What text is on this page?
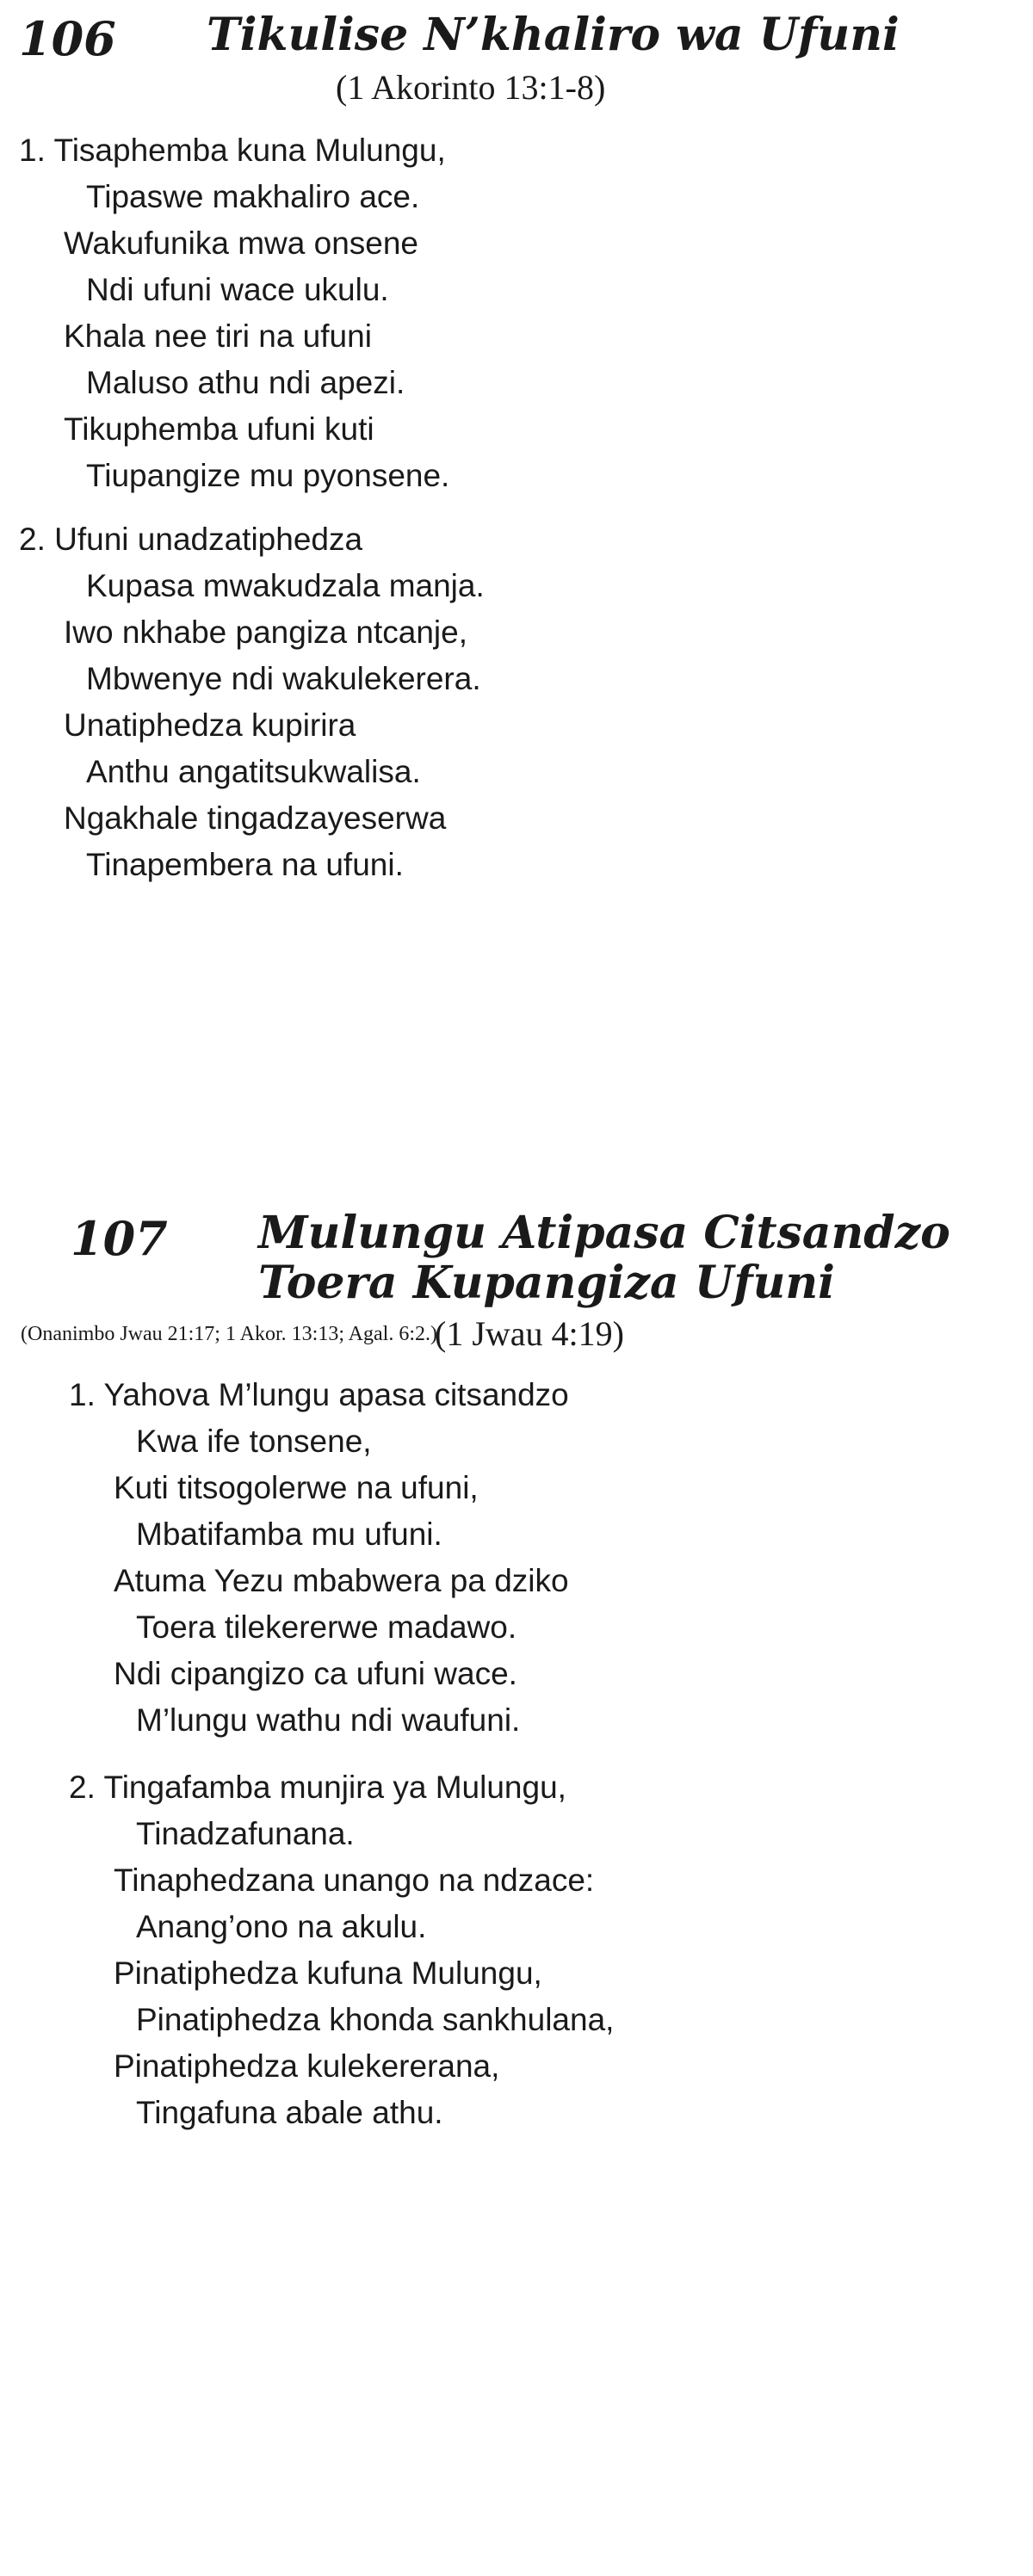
106 Tikulise N’khaliro wa Ufuni
(1 Akorinto 13:1-8)
1. Tisaphemba kuna Mulungu,
Tipaswe makhaliro ace.
Wakufunika mwa onsene
Ndi ufuni wace ukulu.
Khala nee tiri na ufuni
Maluso athu ndi apezi.
Tikuphemba ufuni kuti
Tiupangize mu pyonsene.
2. Ufuni unadzatiphedza
Kupasa mwakudzala manja.
Iwo nkhabe pangiza ntcanje,
Mbwenye ndi wakulekerera.
Unatiphedza kupirira
Anthu angatitsukwalisa.
Ngakhale tingadzayeserwa
Tinapembera na ufuni.
107 Mulungu Atipasa Citsandzo
Toera Kupangiza Ufuni
(1 Jwau 4:19)
(Onanimbo Jwau 21:17; 1 Akor. 13:13; Agal. 6:2.)
1. Yahova M’lungu apasa citsandzo
Kwa ife tonsene,
Kuti titsogolerwe na ufuni,
Mbatifamba mu ufuni.
Atuma Yezu mbabwera pa dziko
Toera tilekererwe madawo.
Ndi cipangizo ca ufuni wace.
M’lungu wathu ndi waufuni.
2. Tingafamba munjira ya Mulungu,
Tinadzafunana.
Tinaphedzana unango na ndzace:
Anang’ono na akulu.
Pinatiphedza kufuna Mulungu,
Pinatiphedza khonda sankhulana,
Pinatiphedza kulekererana,
Tingafuna abale athu.
